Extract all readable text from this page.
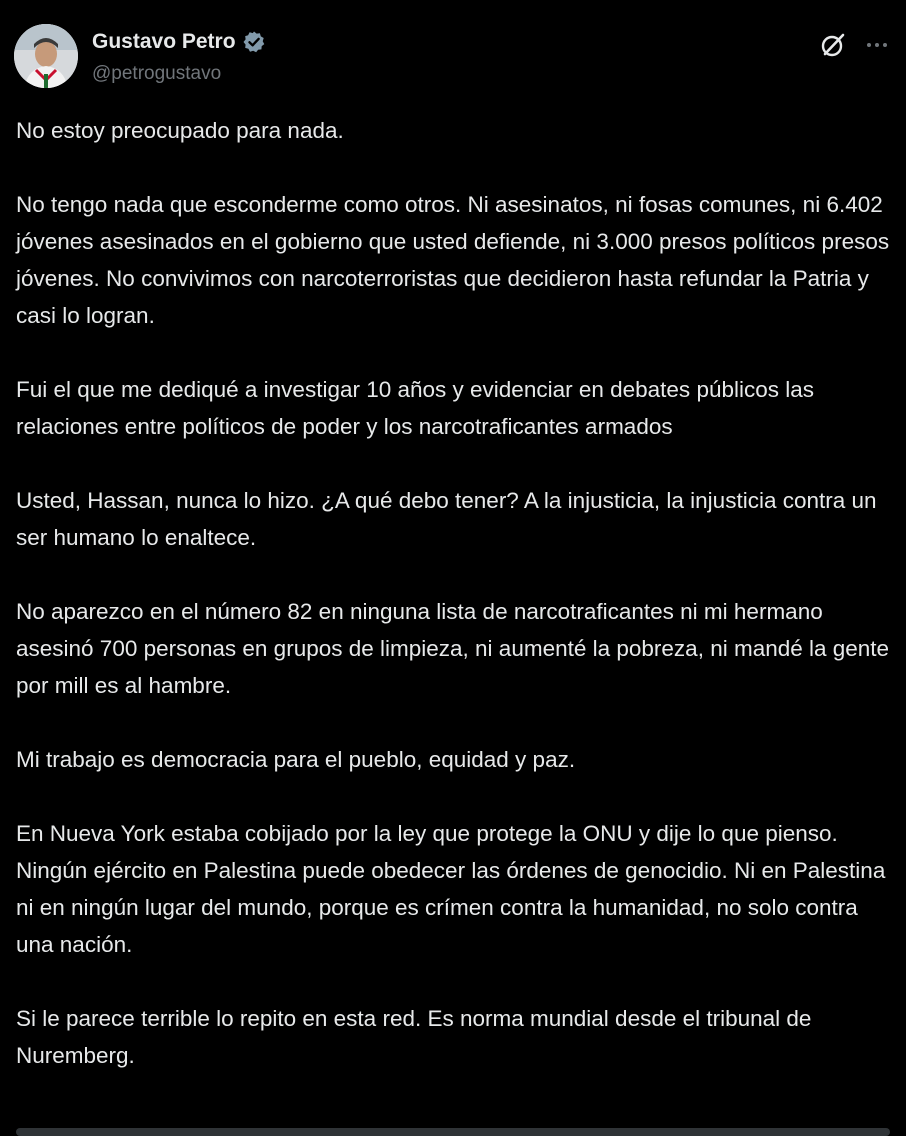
Gustavo Petro
@petrogustavo

No estoy preocupado para nada.

No tengo nada que esconderme como otros. Ni asesinatos, ni fosas comunes, ni 6.402 jóvenes asesinados en el gobierno que usted defiende, ni 3.000 presos políticos presos jóvenes. No convivimos con narcoterroristas que decidieron hasta refundar la Patria y casi lo logran.

Fui el que me dediqué a investigar 10 años y evidenciar en debates públicos las relaciones entre políticos de poder y los narcotraficantes armados

Usted, Hassan, nunca lo hizo. ¿A qué debo tener? A la injusticia, la injusticia contra un ser humano lo enaltece.

No aparezco en el número 82 en ninguna lista de narcotraficantes ni mi hermano asesinó 700 personas en grupos de limpieza, ni aumenté la pobreza, ni mandé la gente por mill es al hambre.

Mi trabajo es democracia para el pueblo, equidad y paz.

En Nueva York estaba cobijado por la ley que protege la ONU y dije lo que pienso. Ningún ejército en Palestina puede obedecer las órdenes de genocidio. Ni en Palestina ni en ningún lugar del mundo, porque es crímen contra la humanidad, no solo contra una nación.

Si le parece terrible lo repito en esta red. Es norma mundial desde el tribunal de Nuremberg.
